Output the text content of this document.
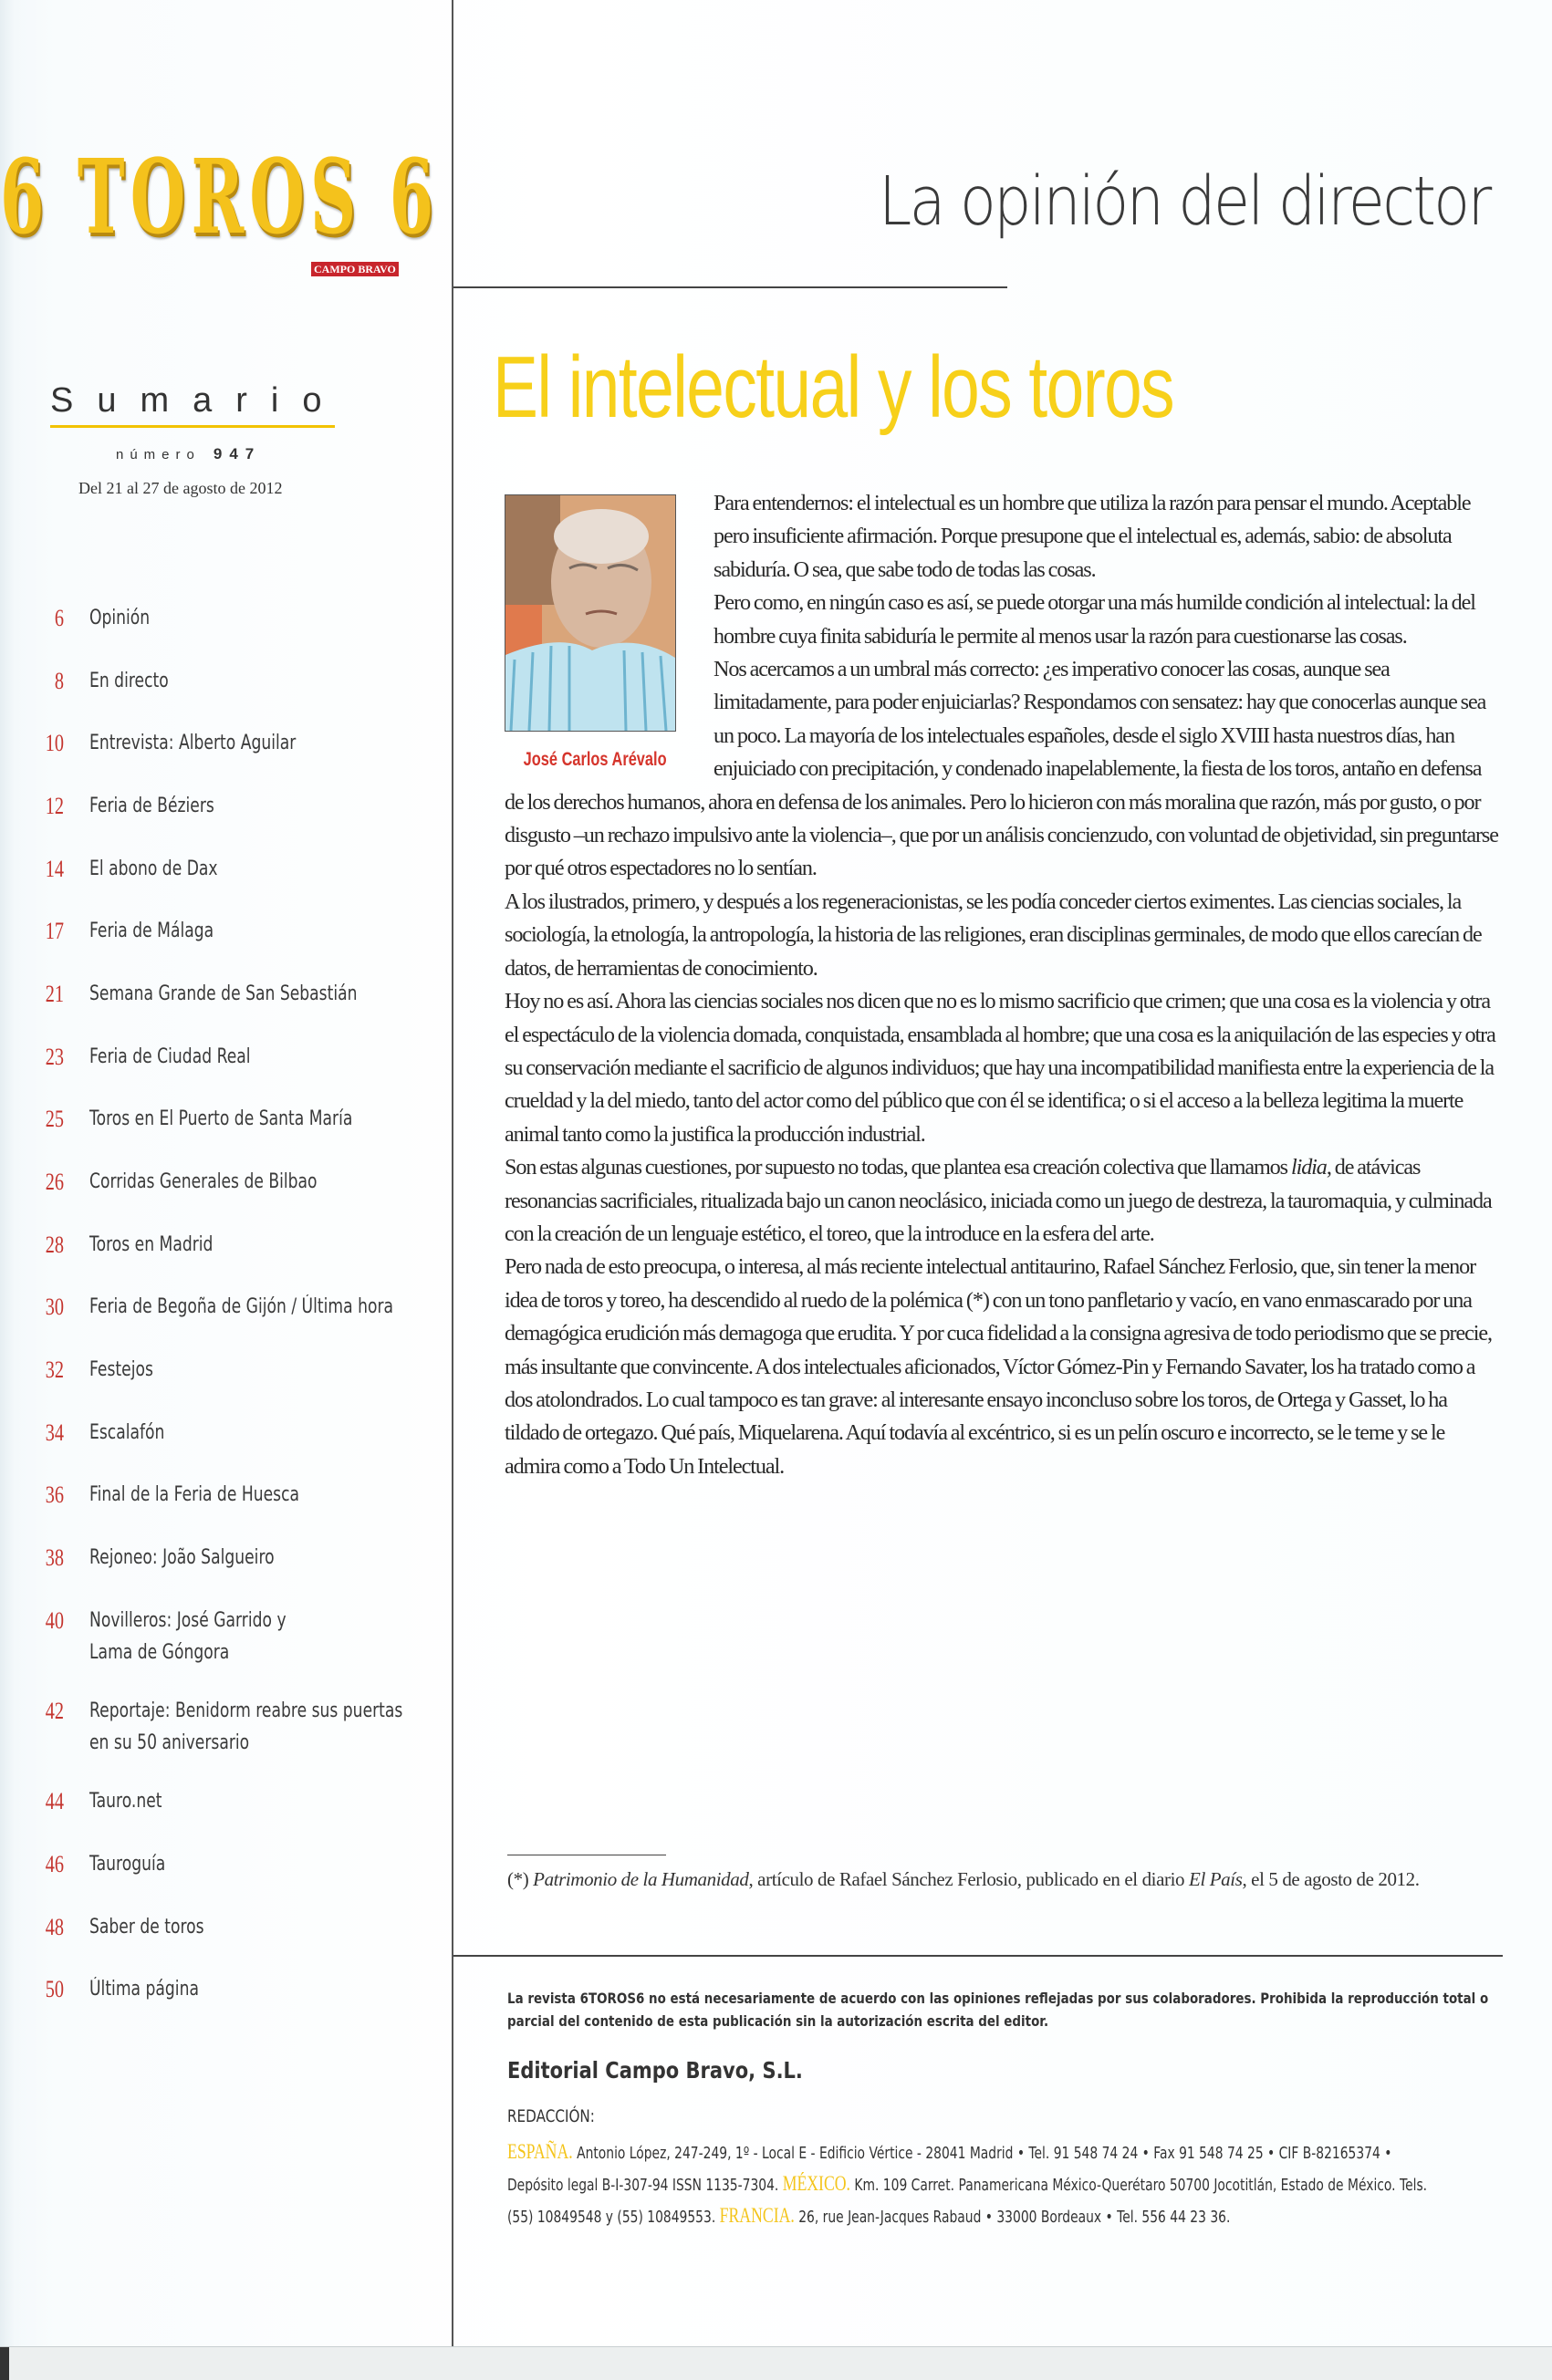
6 TOROS 6
CAMPO BRAVO
Sumario
número 947
Del 21 al 27 de agosto de 2012
6 Opinión
8 En directo
10 Entrevista: Alberto Aguilar
12 Feria de Béziers
14 El abono de Dax
17 Feria de Málaga
21 Semana Grande de San Sebastián
23 Feria de Ciudad Real
25 Toros en El Puerto de Santa María
26 Corridas Generales de Bilbao
28 Toros en Madrid
30 Feria de Begoña de Gijón / Última hora
32 Festejos
34 Escalafón
36 Final de la Feria de Huesca
38 Rejoneo: João Salgueiro
40 Novilleros: José Garrido y
Lama de Góngora
42 Reportaje: Benidorm reabre sus puertas
en su 50 aniversario
44 Tauro.net
46 Tauroguía
48 Saber de toros
50 Última página
La opinión del director
El intelectual y los toros
José Carlos Arévalo

Para entendernos: el intelectual es un hombre que utiliza la razón para pensar el mundo. Aceptable pero insuficiente afirmación. Porque presupone que el intelectual es, además, sabio: de absoluta sabiduría. O sea, que sabe todo de todas las cosas.

Pero como, en ningún caso es así, se puede otorgar una más humilde condición al intelectual: la del hombre cuya finita sabiduría le permite al menos usar la razón para cuestionarse las cosas.

Nos acercamos a un umbral más correcto: ¿es imperativo conocer las cosas, aunque sea limitadamente, para poder enjuiciarlas? Respondamos con sensatez: hay que conocerlas aunque sea un poco. La mayoría de los intelectuales españoles, desde el siglo XVIII hasta nuestros días, han enjuiciado con precipitación, y condenado inapelablemente, la fiesta de los toros, antaño en defensa de los derechos humanos, ahora en defensa de los animales. Pero lo hicieron con más moralina que razón, más por gusto, o por disgusto –un rechazo impulsivo ante la violencia–, que por un análisis concienzudo, con voluntad de objetividad, sin preguntarse por qué otros espectadores no lo sentían.

A los ilustrados, primero, y después a los regeneracionistas, se les podía conceder ciertos eximentes. Las ciencias sociales, la sociología, la etnología, la antropología, la historia de las religiones, eran disciplinas germinales, de modo que ellos carecían de datos, de herramientas de conocimiento.

Hoy no es así. Ahora las ciencias sociales nos dicen que no es lo mismo sacrificio que crimen; que una cosa es la violencia y otra el espectáculo de la violencia domada, conquistada, ensamblada al hombre; que una cosa es la aniquilación de las especies y otra su conservación mediante el sacrificio de algunos individuos; que hay una incompatibilidad manifiesta entre la experiencia de la crueldad y la del miedo, tanto del actor como del público que con él se identifica; o si el acceso a la belleza legitima la muerte animal tanto como la justifica la producción industrial.

Son estas algunas cuestiones, por supuesto no todas, que plantea esa creación colectiva que llamamos lidia, de atávicas resonancias sacrificiales, ritualizada bajo un canon neoclásico, iniciada como un juego de destreza, la tauromaquia, y culminada con la creación de un lenguaje estético, el toreo, que la introduce en la esfera del arte.

Pero nada de esto preocupa, o interesa, al más reciente intelectual antitaurino, Rafael Sánchez Ferlosio, que, sin tener la menor idea de toros y toreo, ha descendido al ruedo de la polémica (*) con un tono panfletario y vacío, en vano enmascarado por una demagógica erudición más demagoga que erudita. Y por cuca fidelidad a la consigna agresiva de todo periodismo que se precie, más insultante que convincente. A dos intelectuales aficionados, Víctor Gómez-Pin y Fernando Savater, los ha tratado como a dos atolondrados. Lo cual tampoco es tan grave: al interesante ensayo inconcluso sobre los toros, de Ortega y Gasset, lo ha tildado de ortegazo. Qué país, Miquelarena. Aquí todavía al excéntrico, si es un pelín oscuro e incorrecto, se le teme y se le admira como a Todo Un Intelectual.

(*) Patrimonio de la Humanidad, artículo de Rafael Sánchez Ferlosio, publicado en el diario El País, el 5 de agosto de 2012.
La revista 6TOROS6 no está necesariamente de acuerdo con las opiniones reflejadas por sus colaboradores. Prohibida la reproducción total o parcial del contenido de esta publicación sin la autorización escrita del editor.
Editorial Campo Bravo, S.L.
REDACCIÓN:
ESPAÑA. Antonio López, 247-249, 1º - Local E - Edificio Vértice - 28041 Madrid • Tel. 91 548 74 24 • Fax 91 548 74 25 • CIF B-82165374 • Depósito legal B-I-307-94 ISSN 1135-7304. MÉXICO. Km. 109 Carret. Panamericana México-Querétaro 50700 Jocotitlán, Estado de México. Tels. (55) 10849548 y (55) 10849553. FRANCIA. 26, rue Jean-Jacques Rabaud • 33000 Bordeaux • Tel. 556 44 23 36.
